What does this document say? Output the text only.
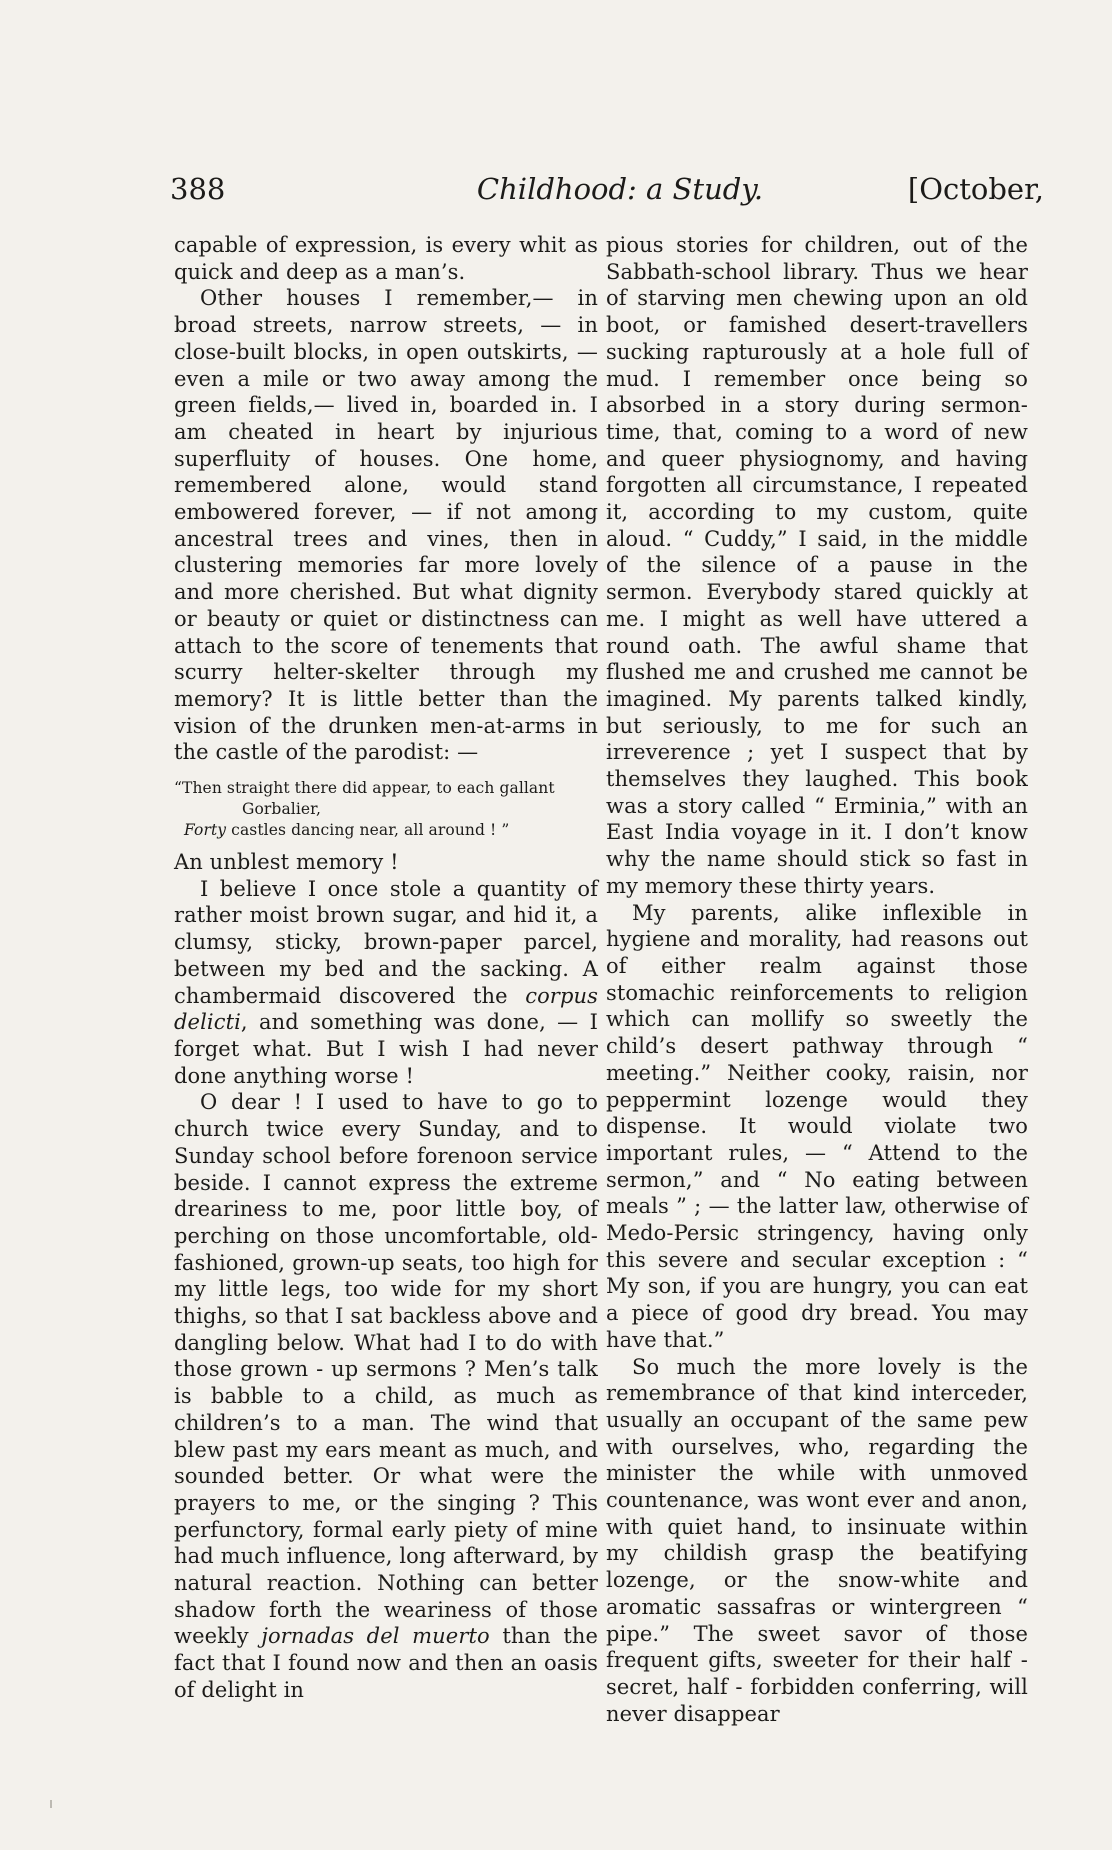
388	Childhood: a Study.	[October,

capable of expression, is every whit as quick and deep as a man’s.

Other houses I remember,— in broad streets, narrow streets, — in close-built blocks, in open outskirts, — even a mile or two away among the green fields,— lived in, boarded in. I am cheated in heart by injurious superfluity of houses. One home, remembered alone, would stand embowered forever, — if not among ancestral trees and vines, then in clustering memories far more lovely and more cherished. But what dignity or beauty or quiet or distinctness can attach to the score of tenements that scurry helter-skelter through my memory? It is little better than the vision of the drunken men-at-arms in the castle of the parodist: —

“Then straight there did appear, to each gallant
Gorbalier,
Forty castles dancing near, all around ! ”

An unblest memory !

I believe I once stole a quantity of rather moist brown sugar, and hid it, a clumsy, sticky, brown-paper parcel, between my bed and the sacking. A chambermaid discovered the corpus delicti, and something was done, — I forget what. But I wish I had never done anything worse !

O dear ! I used to have to go to church twice every Sunday, and to Sunday school before forenoon service beside. I cannot express the extreme dreariness to me, poor little boy, of perching on those uncomfortable, old-fashioned, grown-up seats, too high for my little legs, too wide for my short thighs, so that I sat backless above and dangling below. What had I to do with those grown - up sermons ? Men’s talk is babble to a child, as much as children’s to a man. The wind that blew past my ears meant as much, and sounded better. Or what were the prayers to me, or the singing ? This perfunctory, formal early piety of mine had much influence, long afterward, by natural reaction. Nothing can better shadow forth the weariness of those weekly jornadas del muerto than the fact that I found now and then an oasis of delight in

pious stories for children, out of the Sabbath-school library. Thus we hear of starving men chewing upon an old boot, or famished desert-travellers sucking rapturously at a hole full of mud. I remember once being so absorbed in a story during sermon-time, that, coming to a word of new and queer physiognomy, and having forgotten all circumstance, I repeated it, according to my custom, quite aloud. “ Cuddy,” I said, in the middle of the silence of a pause in the sermon. Everybody stared quickly at me. I might as well have uttered a round oath. The awful shame that flushed me and crushed me cannot be imagined. My parents talked kindly, but seriously, to me for such an irreverence ; yet I suspect that by themselves they laughed. This book was a story called “ Erminia,” with an East India voyage in it. I don’t know why the name should stick so fast in my memory these thirty years.

My parents, alike inflexible in hygiene and morality, had reasons out of either realm against those stomachic reinforcements to religion which can mollify so sweetly the child’s desert pathway through “ meeting.” Neither cooky, raisin, nor peppermint lozenge would they dispense. It would violate two important rules, — “ Attend to the sermon,” and “ No eating between meals ” ; — the latter law, otherwise of Medo-Persic stringency, having only this severe and secular exception : “ My son, if you are hungry, you can eat a piece of good dry bread. You may have that.”

So much the more lovely is the remembrance of that kind interceder, usually an occupant of the same pew with ourselves, who, regarding the minister the while with unmoved countenance, was wont ever and anon, with quiet hand, to insinuate within my childish grasp the beatifying lozenge, or the snow-white and aromatic sassafras or wintergreen “ pipe.” The sweet savor of those frequent gifts, sweeter for their half - secret, half - forbidden conferring, will never disappear
